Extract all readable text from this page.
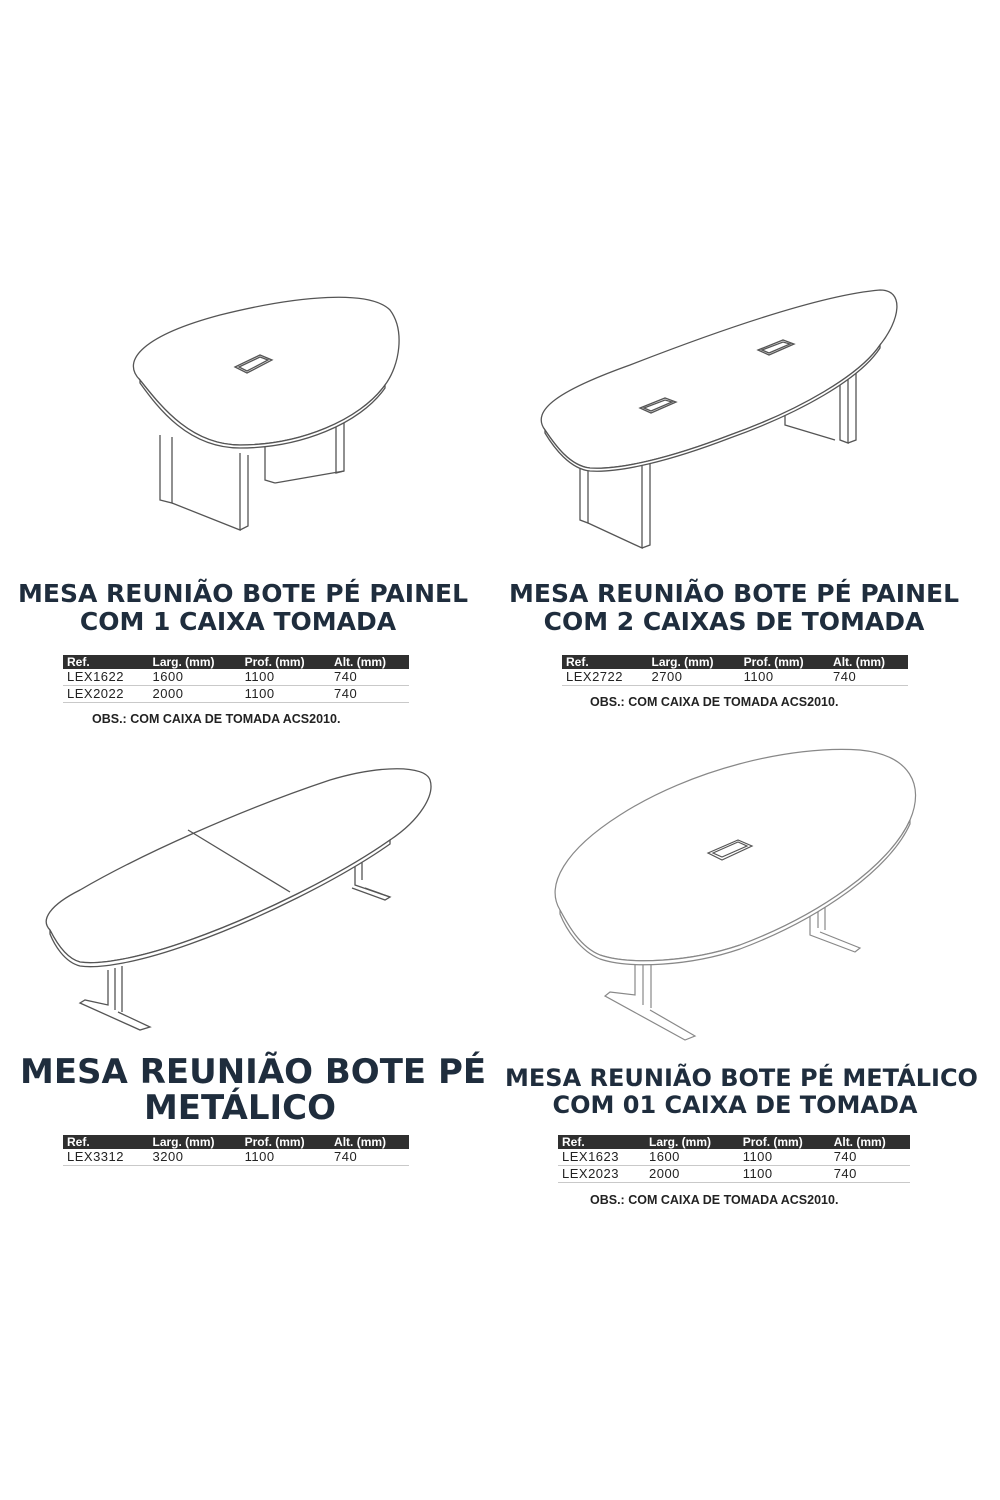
MESA REUNIÃO BOTE PÉ PAINEL
COM 1 CAIXA TOMADA
Ref.	Larg. (mm)	Prof. (mm)	Alt. (mm)
LEX1622	1600	1100	740
LEX2022	2000	1100	740
OBS.: COM CAIXA DE TOMADA ACS2010.
MESA REUNIÃO BOTE PÉ PAINEL
COM 2 CAIXAS DE TOMADA
Ref.	Larg. (mm)	Prof. (mm)	Alt. (mm)
LEX2722	2700	1100	740
OBS.: COM CAIXA DE TOMADA ACS2010.
MESA REUNIÃO BOTE PÉ
METÁLICO
Ref.	Larg. (mm)	Prof. (mm)	Alt. (mm)
LEX3312	3200	1100	740
MESA REUNIÃO BOTE PÉ METÁLICO
COM 01 CAIXA DE TOMADA
Ref.	Larg. (mm)	Prof. (mm)	Alt. (mm)
LEX1623	1600	1100	740
LEX2023	2000	1100	740
OBS.: COM CAIXA DE TOMADA ACS2010.
